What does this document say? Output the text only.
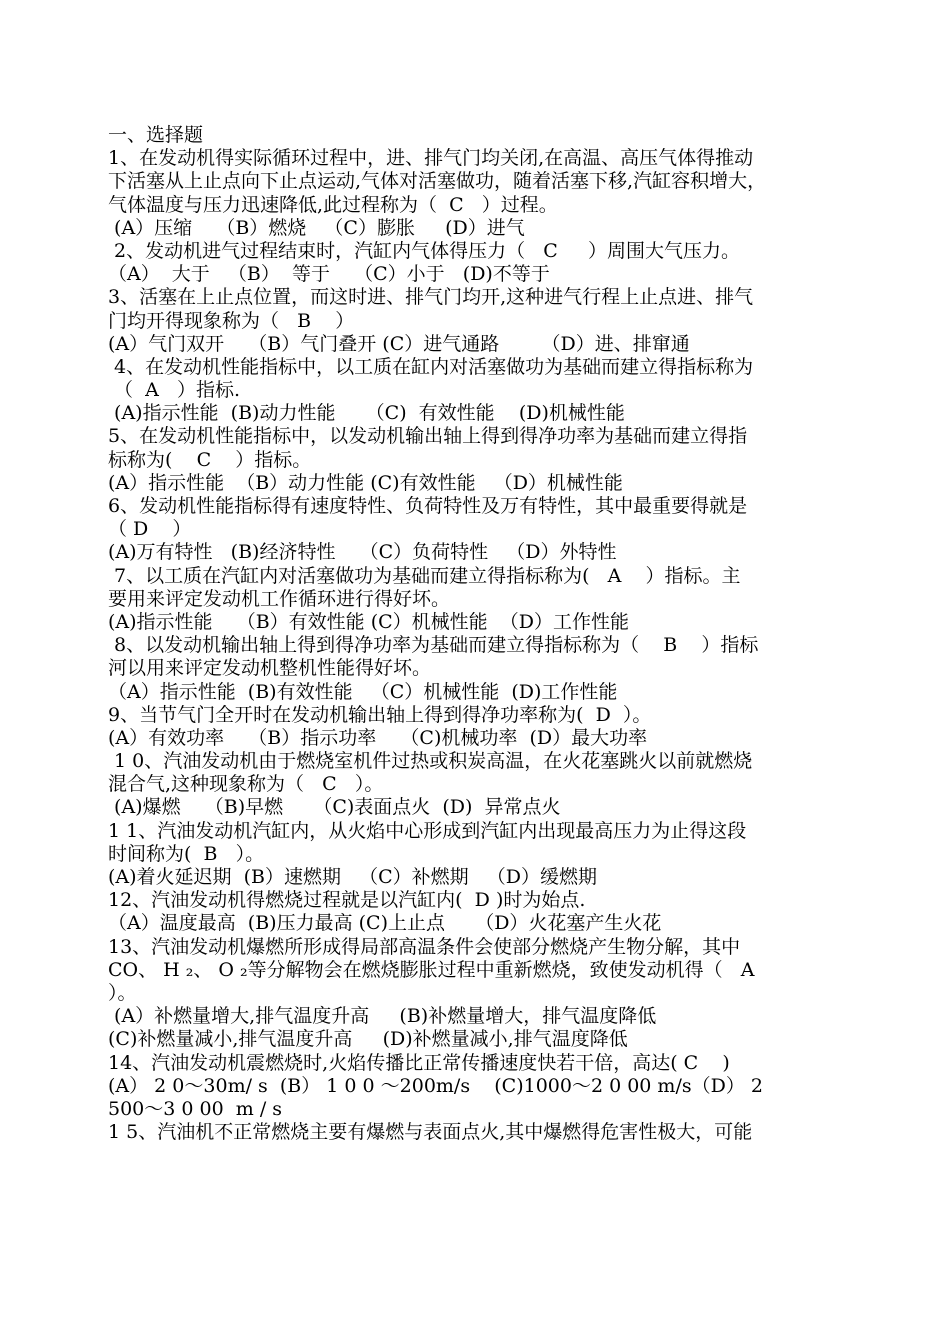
一、选择题
1、在发动机得实际循环过程中，进、排气门均关闭,在高温、高压气体得推动
下活塞从上止点向下止点运动,气体对活塞做功，随着活塞下移,汽缸容积增大，
气体温度与压力迅速降低,此过程称为（  C   ）过程。
(A）压缩    （B）燃烧   （C）膨胀     (D）进气
2、发动机进气过程结束时，汽缸内气体得压力（   C     ）周围大气压力。
（A）  大于   （B）  等于    （C）小于   (D)不等于
3、活塞在上止点位置，而这时进、排气门均开,这种进气行程上止点进、排气
门均开得现象称为（   B    ）
(A）气门双开    （B）气门叠开 (C）进气通路       （D）进、排窜通
4、在发动机性能指标中，以工质在缸内对活塞做功为基础而建立得指标称为
（  A   ）指标.
(A)指示性能  (B)动力性能     （C)  有效性能    (D)机械性能
5、在发动机性能指标中，以发动机输出轴上得到得净功率为基础而建立得指
标称为(    C    ）指标。
(A）指示性能  （B）动力性能 (C)有效性能   （D）机械性能
6、发动机性能指标得有速度特性、负荷特性及万有特性，其中最重要得就是
（ D    ）
(A)万有特性   (B)经济特性    （C）负荷特性   （D）外特性
7、以工质在汽缸内对活塞做功为基础而建立得指标称为(   A    ）指标。主
要用来评定发动机工作循环进行得好坏。
(A)指示性能    （B）有效性能 (C）机械性能  （D）工作性能
8、以发动机输出轴上得到得净功率为基础而建立得指标称为（    B    ）指标
河以用来评定发动机整机性能得好坏。
（A）指示性能  (B)有效性能   （C）机械性能  (D)工作性能
9、当节气门全开时在发动机输出轴上得到得净功率称为(  D  ）。
(A）有效功率    （B）指示功率    （C)机械功率  (D）最大功率
1 0、汽油发动机由于燃烧室机件过热或积炭高温，在火花塞跳火以前就燃烧
混合气,这种现象称为（   C   ）。
(A)爆燃    （B)早燃     （C)表面点火  (D)  异常点火
1 1、汽油发动机汽缸内，从火焰中心形成到汽缸内出现最高压力为止得这段
时间称为(  B   ）。
(A)着火延迟期  (B）速燃期   （C）补燃期   （D）缓燃期
12、汽油发动机得燃烧过程就是以汽缸内(  D )时为始点.
（A）温度最高  (B)压力最高 (C)上止点     （D）火花塞产生火花
13、汽油发动机爆燃所形成得局部高温条件会使部分燃烧产生物分解，其中
CO、 H ₂、 O ₂等分解物会在燃烧膨胀过程中重新燃烧，致使发动机得（   A
）。
(A）补燃量增大,排气温度升高     (B)补燃量增大，排气温度降低
(C)补燃量减小,排气温度升高     (D)补燃量减小,排气温度降低
14、汽油发动机震燃烧时,火焰传播比正常传播速度快若干倍，高达( C    )
(A） 2 0～30m/ s  (B） 1 0 0 ～200m/s    (C)1000～2 0 00 m/s（D） 2
500～3 0 00  m / s
1 5、汽油机不正常燃烧主要有爆燃与表面点火,其中爆燃得危害性极大，可能
